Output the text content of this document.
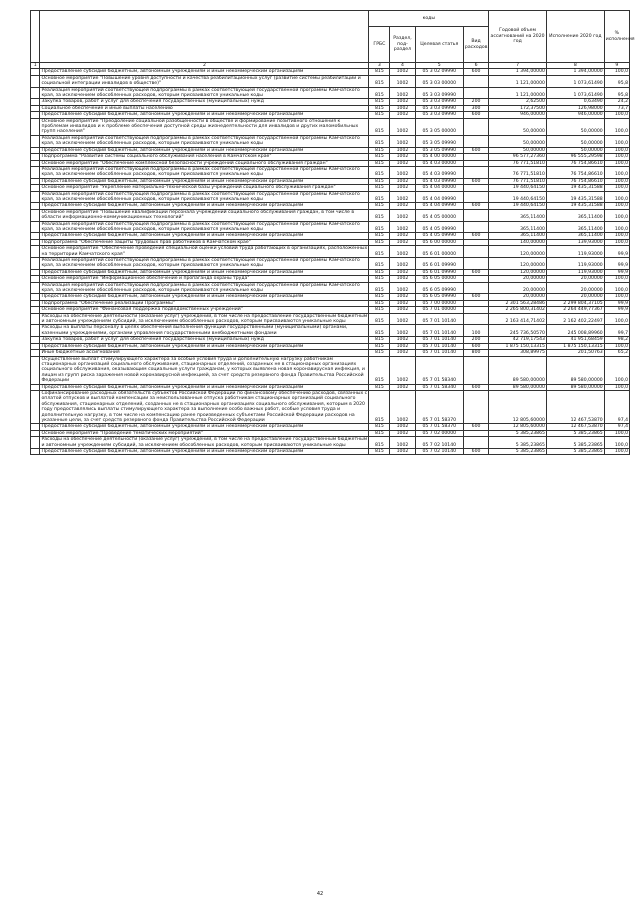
		коды				Годовой объем ассигнований на 2020 год	Исполнение 2020 год	% исполнения
		ГРБС	Раздел, под-раздел	Целевая статья	Вид расходов			
1	2	3	4	5	6	7	8	9
	Предоставление субсидий бюджетным, автономным учреждениям и иным некоммерческим организациям	815	1002	05 3 02 09990	600	1 394,00000	1 394,00000	100,0
	Основное мероприятие "Повышение уровня доступности и качества реабилитационных услуг (развитие системы реабилитации и социальной интеграции инвалидов в обществе)"	815	1002	05 3 03 00000		1 121,00000	1 073,61490	95,8
	Реализация мероприятий соответствующей подпрограммы в рамках соответствующей государственной программы Камчатского края, за исключением обособленных расходов, которым присваиваются уникальные коды	815	1002	05 3 03 09990		1 121,00000	1 073,61490	95,8
	Закупка товаров, работ и услуг для обеспечения государственных (муниципальных) нужд	815	1002	05 3 03 09990	200	2,62500	0,63490	24,2
	Социальное обеспечение и иные выплаты населению	815	1002	05 3 03 09990	300	172,37500	126,98000	73,7
	Предоставление субсидий бюджетным, автономным учреждениям и иным некоммерческим организациям	815	1002	05 3 03 09990	600	946,00000	946,00000	100,0
	Основное мероприятие "Преодоление социальной разобщенности в обществе и формирование позитивного отношения к проблемам инвалидов и к проблеме обеспечения доступной среды жизнедеятельности для инвалидов и других маломобильных групп населения"	815	1002	05 3 05 00000		50,00000	50,00000	100,0
	Реализация мероприятий соответствующей подпрограммы в рамках соответствующей государственной программы Камчатского края, за исключением обособленных расходов, которым присваиваются уникальные коды	815	1002	05 3 05 09990		50,00000	50,00000	100,0
	Предоставление субсидий бюджетным, автономным учреждениям и иным некоммерческим организациям	815	1002	05 3 05 09990	600	50,00000	50,00000	100,0
	Подпрограмма "Развитие системы социального обслуживания населения в Камчатском крае"	815	1002	05 4 00 00000		96 577,27360	96 555,29598	100,0
	Основное мероприятие "Обеспечение комплексной безопасности учреждений социального обслуживания граждан"	815	1002	05 4 03 00000		76 771,51810	76 754,86610	100,0
	Реализация мероприятий соответствующей подпрограммы в рамках соответствующей государственной программы Камчатского края, за исключением обособленных расходов, которым присваиваются уникальные коды	815	1002	05 4 03 09990		76 771,51810	76 754,86610	100,0
	Предоставление субсидий бюджетным, автономным учреждениям и иным некоммерческим организациям	815	1002	05 4 03 09990	600	76 771,51810	76 754,86610	100,0
	Основное мероприятие "Укрепление материально-технической базы учреждений социального обслуживания граждан"	815	1002	05 4 04 00000		19 440,64150	19 435,31588	100,0
	Реализация мероприятий соответствующей подпрограммы в рамках соответствующей государственной программы Камчатского края, за исключением обособленных расходов, которым присваиваются уникальные коды	815	1002	05 4 04 09990		19 440,64150	19 435,31588	100,0
	Предоставление субсидий бюджетным, автономным учреждениям и иным некоммерческим организациям	815	1002	05 4 04 09990	600	19 440,64150	19 435,31588	100,0
	Основное мероприятие "Повышение квалификации персонала учреждений социального обслуживания граждан, в том числе в области информационно-коммуникационных технологий"	815	1002	05 4 05 00000		365,11400	365,11400	100,0
	Реализация мероприятий соответствующей подпрограммы в рамках соответствующей государственной программы Камчатского края, за исключением обособленных расходов, которым присваиваются уникальные коды	815	1002	05 4 05 09990		365,11400	365,11400	100,0
	Предоставление субсидий бюджетным, автономным учреждениям и иным некоммерческим организациям	815	1002	05 4 05 09990	600	365,11400	365,11400	100,0
	Подпрограмма "Обеспечение защиты трудовых прав работников в Камчатском крае"	815	1002	05 6 00 00000		140,00000	139,93000	100,0
	Основное мероприятие "Обеспечение проведения специальной оценки условий труда работающих в организациях, расположенных на территории Камчатского края"	815	1002	05 6 01 00000		120,00000	119,93000	99,9
	Реализация мероприятий соответствующей подпрограммы в рамках соответствующей государственной программы Камчатского края, за исключением обособленных расходов, которым присваиваются уникальные коды	815	1002	05 6 01 09990		120,00000	119,93000	99,9
	Предоставление субсидий бюджетным, автономным учреждениям и иным некоммерческим организациям	815	1002	05 6 01 09990	600	120,00000	119,93000	99,9
	Основное мероприятие "Информационное обеспечение и пропаганда охраны труда"	815	1002	05 6 05 00000		20,00000	20,00000	100,0
	Реализация мероприятий соответствующей подпрограммы в рамках соответствующей государственной программы Камчатского края, за исключением обособленных расходов, которым присваиваются уникальные коды	815	1002	05 6 05 09990		20,00000	20,00000	100,0
	Предоставление субсидий бюджетным, автономным учреждениям и иным некоммерческим организациям	815	1002	05 6 05 09990	600	20,00000	20,00000	100,0
	Подпрограмма "Обеспечение реализации Программы"	815	1002	05 7 00 00000		2 301 563,28486	2 299 804,37105	99,9
	Основное мероприятие "Финансовая поддержка подведомственных учреждений"	815	1002	05 7 01 00000		2 265 800,31402	2 264 449,77367	99,9
	Расходы на обеспечение деятельности (оказание услуг) учреждений, в том числе на предоставление государственным бюджетным и автономным учреждениям субсидий, за исключением обособленных расходов, которым присваиваются уникальные коды	815	1002	05 7 01 10140		2 163 414,71402	2 162 402,22497	100,0
	Расходы на выплаты персоналу в целях обеспечения выполнения функций государственными (муниципальными) органами, казенными учреждениями, органами управления государственными внебюджетными фондами	815	1002	05 7 01 10140	100	245 736,50570	245 008,89960	99,7
	Закупка товаров, работ и услуг для обеспечения государственных (муниципальных) нужд	815	1002	05 7 01 10140	200	42 719,17543	41 951,68459	98,2
	Предоставление субсидий бюджетным, автономным учреждениям и иным некоммерческим организациям	815	1002	05 7 01 10140	600	1 875 150,13315	1 875 150,13315	100,0
	Иные бюджетные ассигнования	815	1002	05 7 01 10140	800	308,89975	201,50763	65,2
	Осуществление выплат стимулирующего характера за особые условия труда и дополнительную нагрузку работникам стационарных организаций социального обслуживания, стационарных отделений, созданных не в стационарных организациях социального обслуживания, оказывающим социальные услуги гражданам, у которых выявлена новая коронавирусная инфекция, и лицам из групп риска заражения новой коронавирусной инфекцией, за счет средств резервного фонда Правительства Российской Федерации	815	1002	05 7 01 58340		89 580,00000	89 580,00000	100,0
	Предоставление субсидий бюджетным, автономным учреждениям и иным некоммерческим организациям	815	1002	05 7 01 58340	600	89 580,00000	89 580,00000	100,0
	Софинансирование расходных обязательств субъектов Российской Федерации по финансовому обеспечению расходов, связанных с оплатой отпусков и выплатой компенсации за неиспользованные отпуска работникам стационарных организаций социального обслуживания, стационарных отделений, созданных не в стационарных организациях социального обслуживания, которым в 2020 году предоставлялись выплаты стимулирующего характера за выполнение особо важных работ, особые условия труда и дополнительную нагрузку, в том числе на компенсацию ранее произведенных субъектами Российской Федерации расходов на указанные цели, за счет средств резервного фонда Правительства Российской Федерации	815	1002	05 7 01 58370		12 805,60000	12 467,53870	97,4
	Предоставление субсидий бюджетным, автономным учреждениям и иным некоммерческим организациям	815	1002	05 7 01 58370	600	12 805,60000	12 467,53870	97,4
	Основное мероприятие "Проведение тематических мероприятий"	815	1002	05 7 02 00000		5 385,23865	5 385,23865	100,0
	Расходы на обеспечение деятельности (оказание услуг) учреждений, в том числе на предоставление государственным бюджетным и автономным учреждениям субсидий, за исключением обособленных расходов, которым присваиваются уникальные коды	815	1002	05 7 02 10140		5 385,23865	5 385,23865	100,0
	Предоставление субсидий бюджетным, автономным учреждениям и иным некоммерческим организациям	815	1002	05 7 02 10140	600	5 385,23865	5 385,23865	100,0
42
